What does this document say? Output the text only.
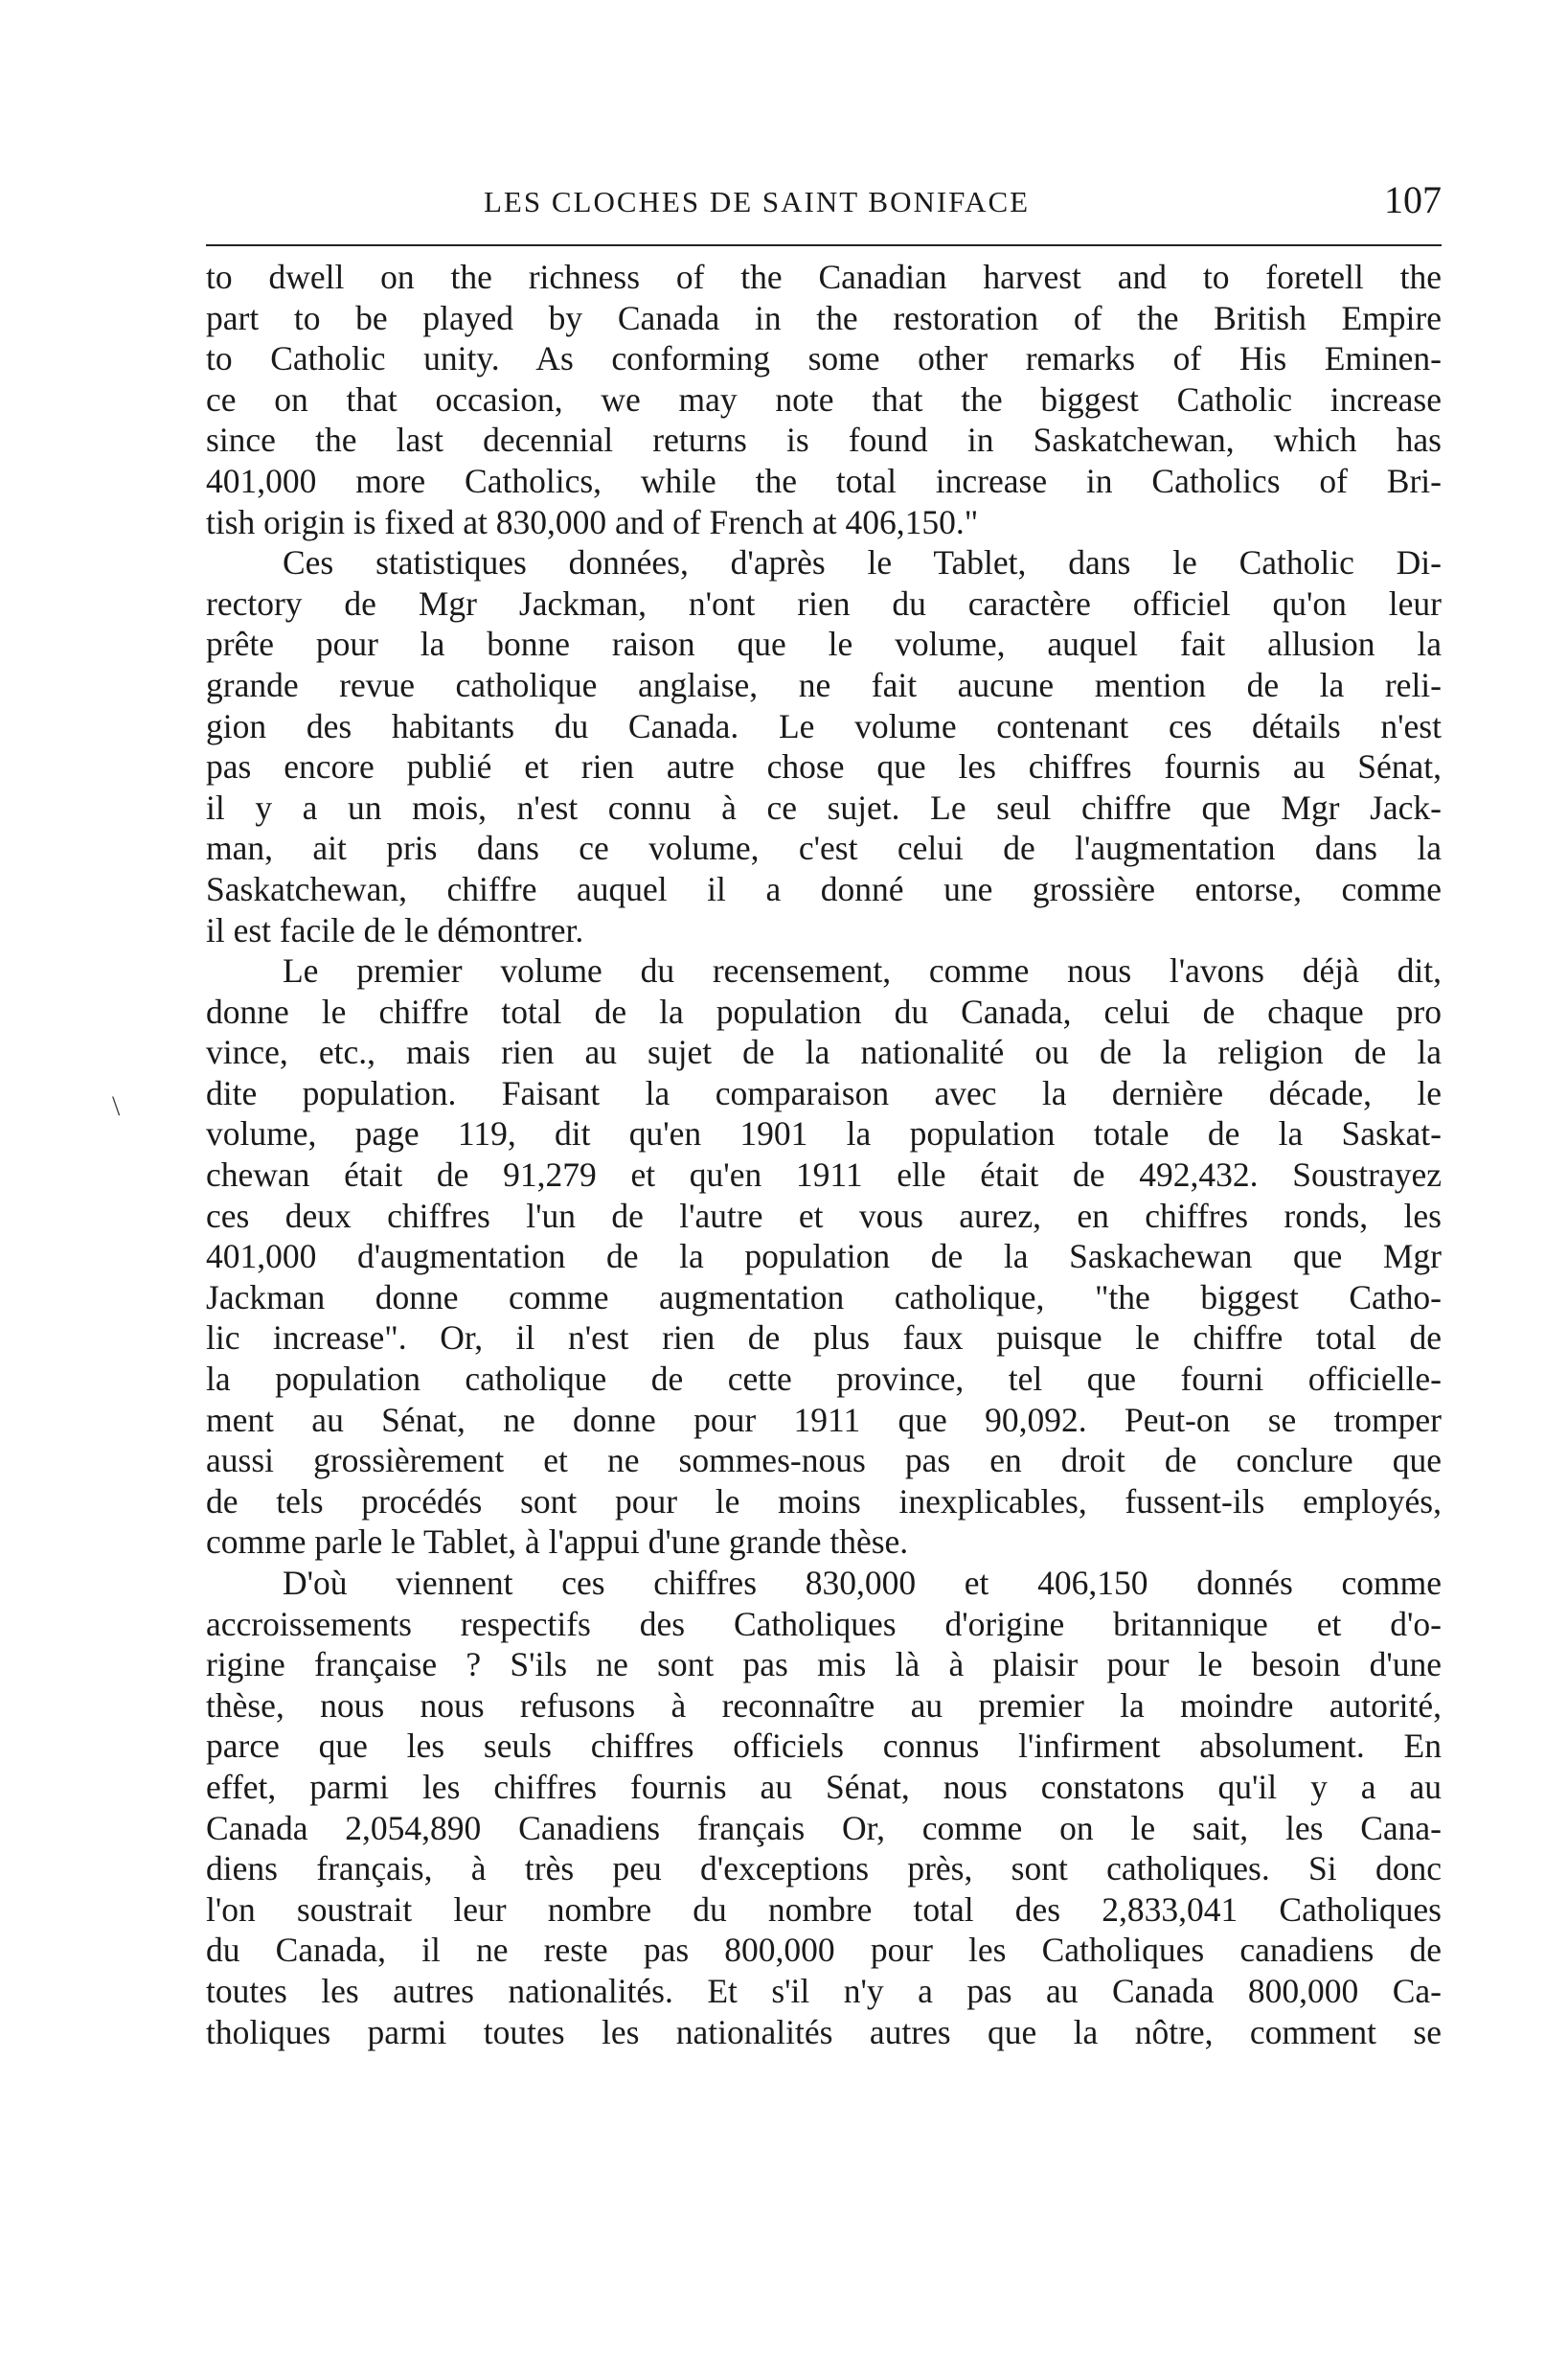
LES CLOCHES DE SAINT BONIFACE	107
\
to dwell on the richness of the Canadian harvest and to foretell the
part to be played by Canada in the restoration of the British Empire
to Catholic unity. As conforming some other remarks of His Eminen-
ce on that occasion, we may note that the biggest Catholic increase
since the last decennial returns is found in Saskatchewan, which has
401,000 more Catholics, while the total increase in Catholics of Bri-
tish origin is fixed at 830,000 and of French at 406,150."
Ces statistiques données, d'après le Tablet, dans le Catholic Di-
rectory de Mgr Jackman, n'ont rien du caractère officiel qu'on leur
prête pour la bonne raison que le volume, auquel fait allusion la
grande revue catholique anglaise, ne fait aucune mention de la reli-
gion des habitants du Canada. Le volume contenant ces détails n'est
pas encore publié et rien autre chose que les chiffres fournis au Sénat,
il y a un mois, n'est connu à ce sujet. Le seul chiffre que Mgr Jack-
man, ait pris dans ce volume, c'est celui de l'augmentation dans la
Saskatchewan, chiffre auquel il a donné une grossière entorse, comme
il est facile de le démontrer.
Le premier volume du recensement, comme nous l'avons déjà dit,
donne le chiffre total de la population du Canada, celui de chaque pro
vince, etc., mais rien au sujet de la nationalité ou de la religion de la
dite population. Faisant la comparaison avec la dernière décade, le
volume, page 119, dit qu'en 1901 la population totale de la Saskat-
chewan était de 91,279 et qu'en 1911 elle était de 492,432. Soustrayez
ces deux chiffres l'un de l'autre et vous aurez, en chiffres ronds, les
401,000 d'augmentation de la population de la Saskachewan que Mgr
Jackman donne comme augmentation catholique, "the biggest Catho-
lic increase". Or, il n'est rien de plus faux puisque le chiffre total de
la population catholique de cette province, tel que fourni officielle-
ment au Sénat, ne donne pour 1911 que 90,092. Peut-on se tromper
aussi grossièrement et ne sommes-nous pas en droit de conclure que
de tels procédés sont pour le moins inexplicables, fussent-ils employés,
comme parle le Tablet, à l'appui d'une grande thèse.
D'où viennent ces chiffres 830,000 et 406,150 donnés comme
accroissements respectifs des Catholiques d'origine britannique et d'o-
rigine française ? S'ils ne sont pas mis là à plaisir pour le besoin d'une
thèse, nous nous refusons à reconnaître au premier la moindre autorité,
parce que les seuls chiffres officiels connus l'infirment absolument. En
effet, parmi les chiffres fournis au Sénat, nous constatons qu'il y a au
Canada 2,054,890 Canadiens français Or, comme on le sait, les Cana-
diens français, à très peu d'exceptions près, sont catholiques. Si donc
l'on soustrait leur nombre du nombre total des 2,833,041 Catholiques
du Canada, il ne reste pas 800,000 pour les Catholiques canadiens de
toutes les autres nationalités. Et s'il n'y a pas au Canada 800,000 Ca-
tholiques parmi toutes les nationalités autres que la nôtre, comment se
